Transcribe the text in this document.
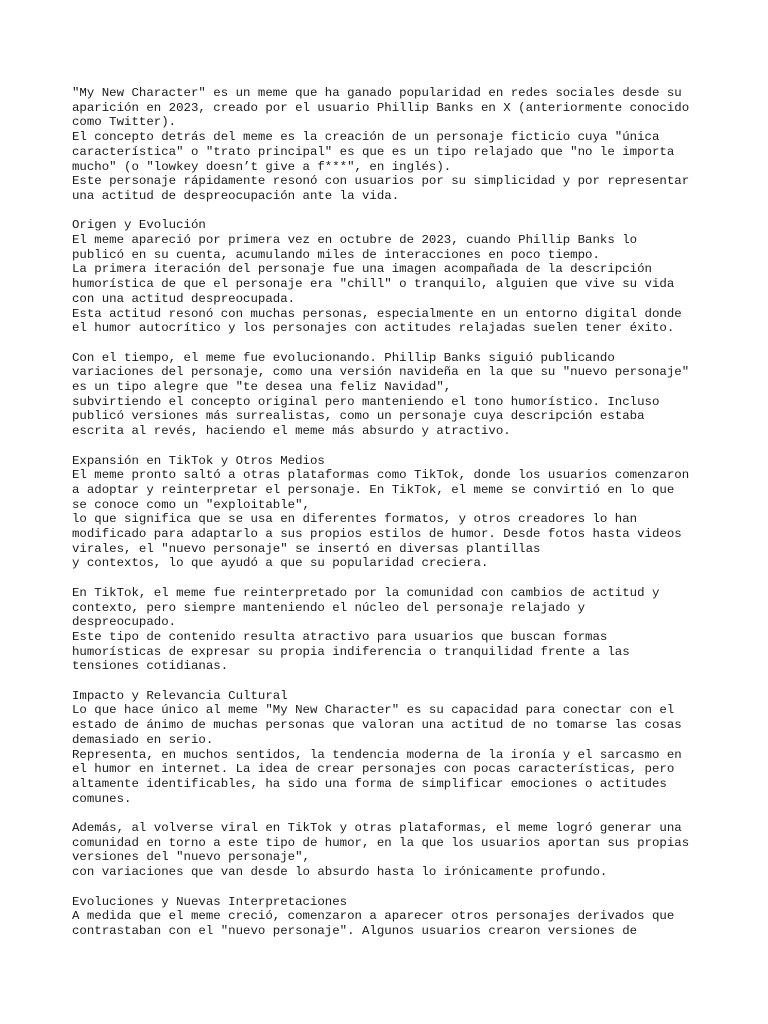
"My New Character" es un meme que ha ganado popularidad en redes sociales desde su
aparición en 2023, creado por el usuario Phillip Banks en X (anteriormente conocido
como Twitter).
El concepto detrás del meme es la creación de un personaje ficticio cuya "única
característica" o "trato principal" es que es un tipo relajado que "no le importa
mucho" (o "lowkey doesn’t give a f***", en inglés).
Este personaje rápidamente resonó con usuarios por su simplicidad y por representar
una actitud de despreocupación ante la vida.
Origen y Evolución
El meme apareció por primera vez en octubre de 2023, cuando Phillip Banks lo
publicó en su cuenta, acumulando miles de interacciones en poco tiempo.
La primera iteración del personaje fue una imagen acompañada de la descripción
humorística de que el personaje era "chill" o tranquilo, alguien que vive su vida
con una actitud despreocupada.
Esta actitud resonó con muchas personas, especialmente en un entorno digital donde
el humor autocrítico y los personajes con actitudes relajadas suelen tener éxito.
Con el tiempo, el meme fue evolucionando. Phillip Banks siguió publicando
variaciones del personaje, como una versión navideña en la que su "nuevo personaje"
es un tipo alegre que "te desea una feliz Navidad",
subvirtiendo el concepto original pero manteniendo el tono humorístico. Incluso
publicó versiones más surrealistas, como un personaje cuya descripción estaba
escrita al revés, haciendo el meme más absurdo y atractivo.
Expansión en TikTok y Otros Medios
El meme pronto saltó a otras plataformas como TikTok, donde los usuarios comenzaron
a adoptar y reinterpretar el personaje. En TikTok, el meme se convirtió en lo que
se conoce como un "exploitable",
lo que significa que se usa en diferentes formatos, y otros creadores lo han
modificado para adaptarlo a sus propios estilos de humor. Desde fotos hasta videos
virales, el "nuevo personaje" se insertó en diversas plantillas
y contextos, lo que ayudó a que su popularidad creciera.
En TikTok, el meme fue reinterpretado por la comunidad con cambios de actitud y
contexto, pero siempre manteniendo el núcleo del personaje relajado y
despreocupado.
Este tipo de contenido resulta atractivo para usuarios que buscan formas
humorísticas de expresar su propia indiferencia o tranquilidad frente a las
tensiones cotidianas.
Impacto y Relevancia Cultural
Lo que hace único al meme "My New Character" es su capacidad para conectar con el
estado de ánimo de muchas personas que valoran una actitud de no tomarse las cosas
demasiado en serio.
Representa, en muchos sentidos, la tendencia moderna de la ironía y el sarcasmo en
el humor en internet. La idea de crear personajes con pocas características, pero
altamente identificables, ha sido una forma de simplificar emociones o actitudes
comunes.
Además, al volverse viral en TikTok y otras plataformas, el meme logró generar una
comunidad en torno a este tipo de humor, en la que los usuarios aportan sus propias
versiones del "nuevo personaje",
con variaciones que van desde lo absurdo hasta lo irónicamente profundo.
Evoluciones y Nuevas Interpretaciones
A medida que el meme creció, comenzaron a aparecer otros personajes derivados que
contrastaban con el "nuevo personaje". Algunos usuarios crearon versiones de
